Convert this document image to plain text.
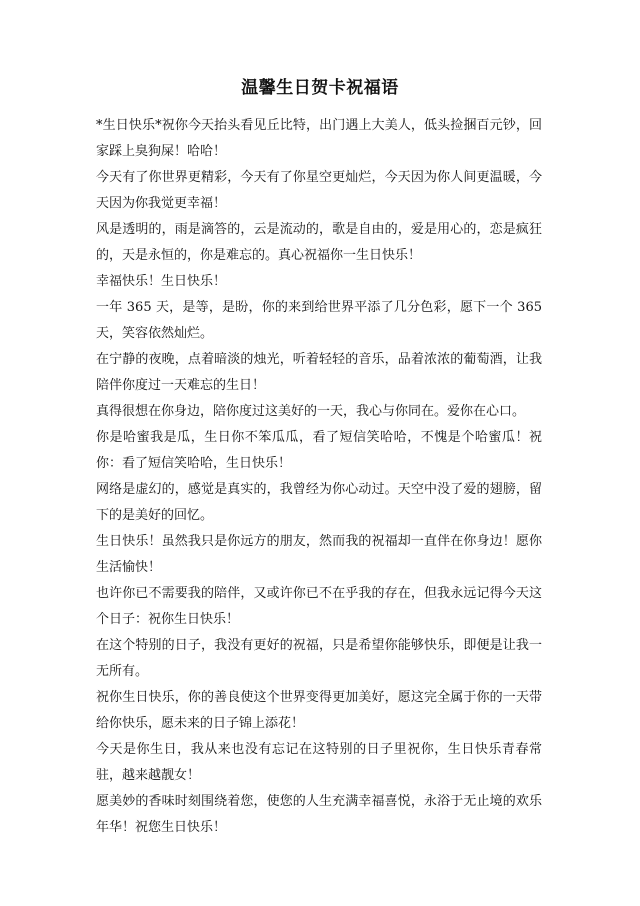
温馨生日贺卡祝福语

*生日快乐*祝你今天抬头看见丘比特，出门遇上大美人，低头捡捆百元钞，回家踩上臭狗屎！哈哈！

今天有了你世界更精彩，今天有了你星空更灿烂，今天因为你人间更温暖，今天因为你我觉更幸福！

风是透明的，雨是滴答的，云是流动的，歌是自由的，爱是用心的，恋是疯狂的，天是永恒的，你是难忘的。真心祝福你一生日快乐！

幸福快乐！生日快乐！

一年 365 天，是等，是盼，你的来到给世界平添了几分色彩，愿下一个 365 天，笑容依然灿烂。

在宁静的夜晚，点着暗淡的烛光，听着轻轻的音乐，品着浓浓的葡萄酒，让我陪伴你度过一天难忘的生日！

真得很想在你身边，陪你度过这美好的一天，我心与你同在。爱你在心口。

你是哈蜜我是瓜，生日你不笨瓜瓜，看了短信笑哈哈，不愧是个哈蜜瓜！祝你：看了短信笑哈哈，生日快乐！

网络是虚幻的，感觉是真实的，我曾经为你心动过。天空中没了爱的翅膀，留下的是美好的回忆。

生日快乐！虽然我只是你远方的朋友，然而我的祝福却一直伴在你身边！愿你生活愉快！

也许你已不需要我的陪伴，又或许你已不在乎我的存在，但我永远记得今天这个日子：祝你生日快乐！

在这个特别的日子，我没有更好的祝福，只是希望你能够快乐，即便是让我一无所有。

祝你生日快乐，你的善良使这个世界变得更加美好，愿这完全属于你的一天带给你快乐，愿未来的日子锦上添花！

今天是你生日，我从来也没有忘记在这特别的日子里祝你，生日快乐青春常驻，越来越靓女！

愿美妙的香味时刻围绕着您，使您的人生充满幸福喜悦，永浴于无止境的欢乐年华！祝您生日快乐！
